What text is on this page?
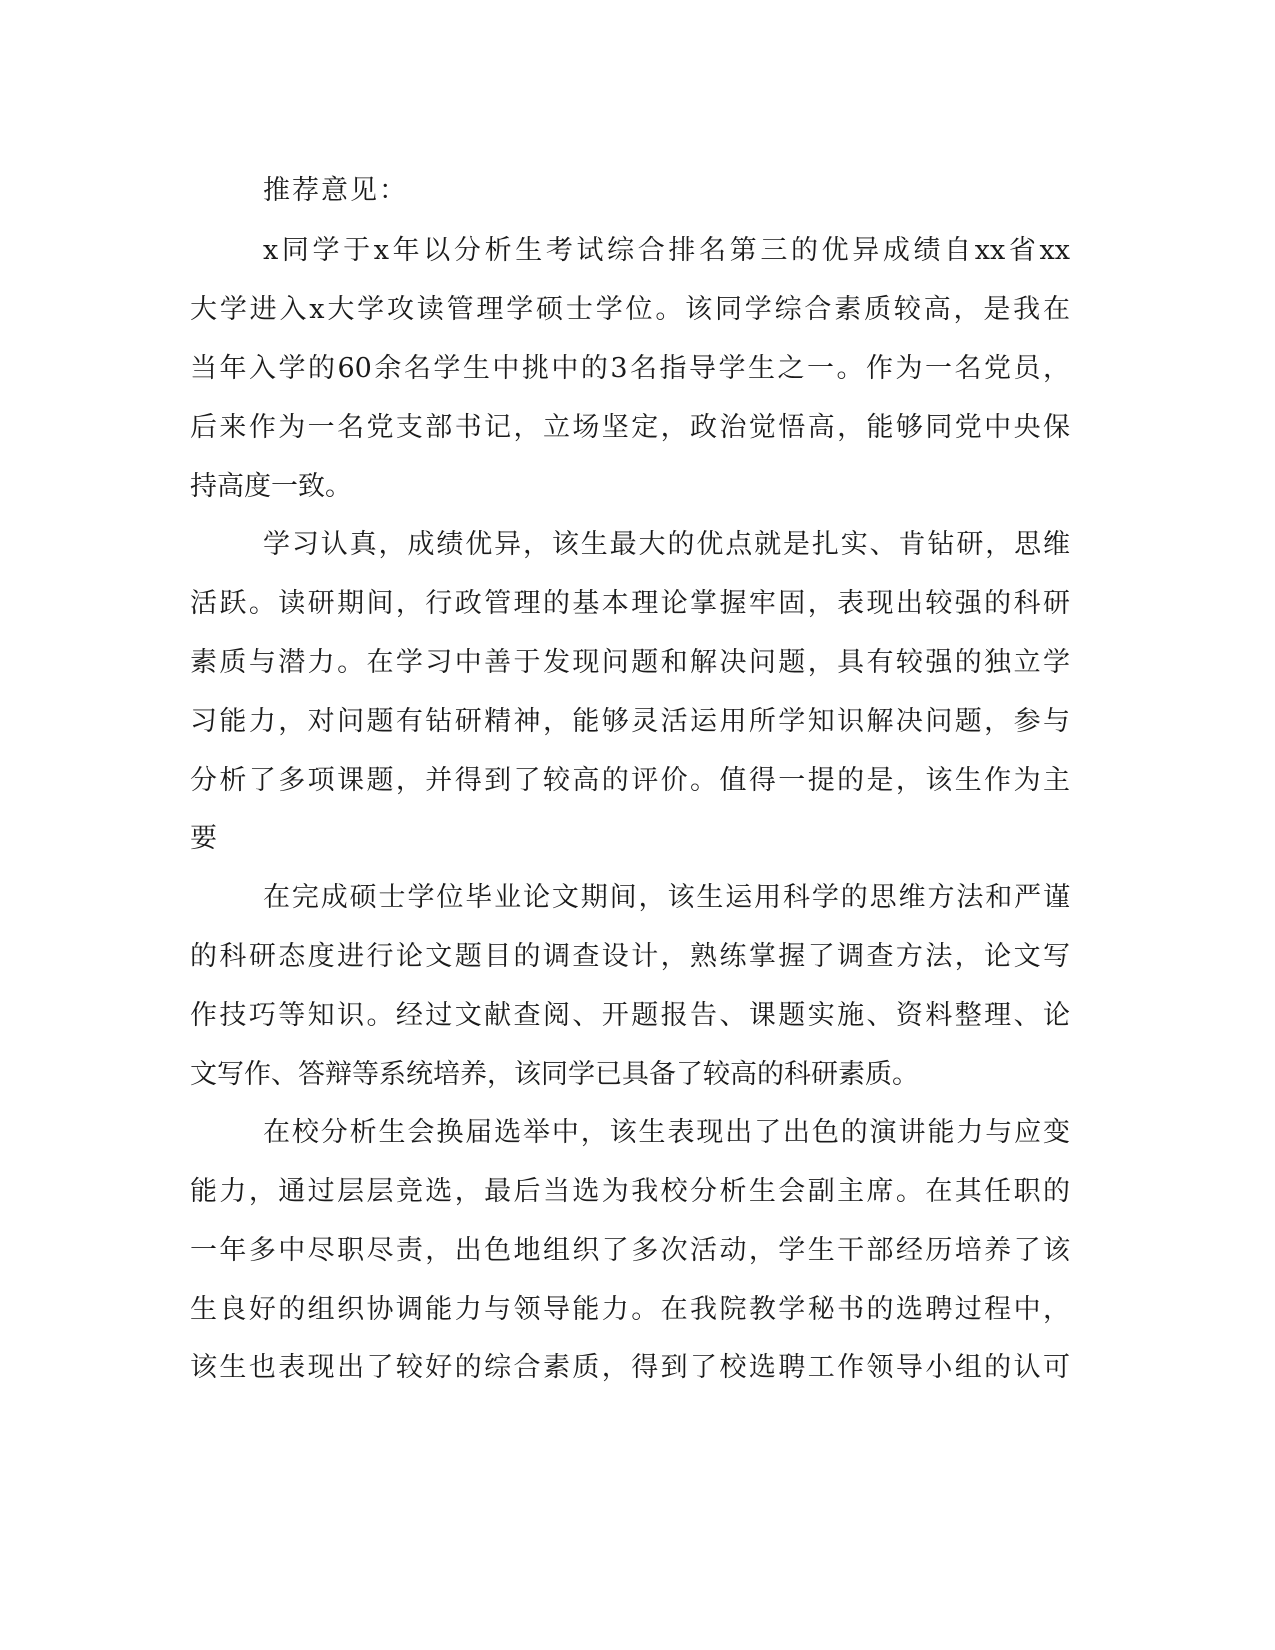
推荐意见：
x同学于x年以分析生考试综合排名第三的优异成绩自xx省xx
大学进入x大学攻读管理学硕士学位。该同学综合素质较高，是我在
当年入学的60余名学生中挑中的3名指导学生之一。作为一名党员，
后来作为一名党支部书记，立场坚定，政治觉悟高，能够同党中央保
持高度一致。
学习认真，成绩优异，该生最大的优点就是扎实、肯钻研，思维
活跃。读研期间，行政管理的基本理论掌握牢固，表现出较强的科研
素质与潜力。在学习中善于发现问题和解决问题，具有较强的独立学
习能力，对问题有钻研精神，能够灵活运用所学知识解决问题，参与
分析了多项课题，并得到了较高的评价。值得一提的是，该生作为主
要
在完成硕士学位毕业论文期间，该生运用科学的思维方法和严谨
的科研态度进行论文题目的调查设计，熟练掌握了调查方法，论文写
作技巧等知识。经过文献查阅、开题报告、课题实施、资料整理、论
文写作、答辩等系统培养，该同学已具备了较高的科研素质。
在校分析生会换届选举中，该生表现出了出色的演讲能力与应变
能力，通过层层竞选，最后当选为我校分析生会副主席。在其任职的
一年多中尽职尽责，出色地组织了多次活动，学生干部经历培养了该
生良好的组织协调能力与领导能力。在我院教学秘书的选聘过程中，
该生也表现出了较好的综合素质，得到了校选聘工作领导小组的认可
